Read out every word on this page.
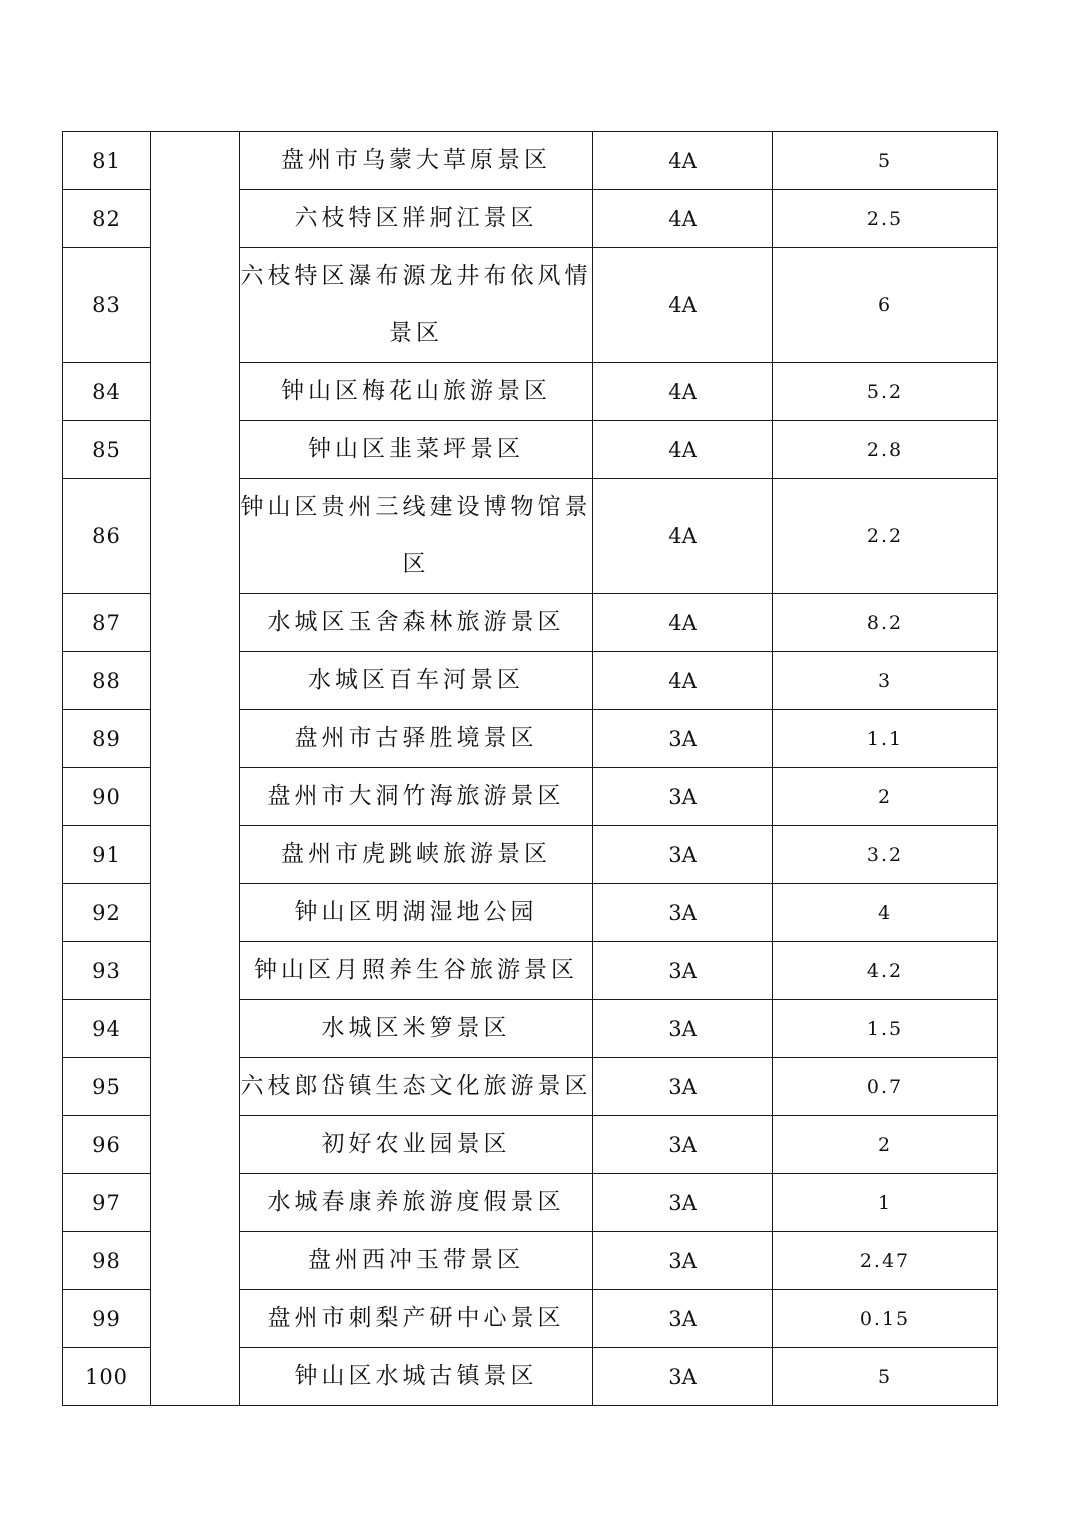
81		盘州市乌蒙大草原景区	4A	5
82		六枝特区牂牁江景区	4A	2.5
83		六枝特区瀑布源龙井布依风情景区	4A	6
84		钟山区梅花山旅游景区	4A	5.2
85		钟山区韭菜坪景区	4A	2.8
86		钟山区贵州三线建设博物馆景区	4A	2.2
87		水城区玉舍森林旅游景区	4A	8.2
88		水城区百车河景区	4A	3
89		盘州市古驿胜境景区	3A	1.1
90		盘州市大洞竹海旅游景区	3A	2
91		盘州市虎跳峡旅游景区	3A	3.2
92		钟山区明湖湿地公园	3A	4
93		钟山区月照养生谷旅游景区	3A	4.2
94		水城区米箩景区	3A	1.5
95		六枝郎岱镇生态文化旅游景区	3A	0.7
96		初好农业园景区	3A	2
97		水城春康养旅游度假景区	3A	1
98		盘州西冲玉带景区	3A	2.47
99		盘州市刺梨产研中心景区	3A	0.15
100		钟山区水城古镇景区	3A	5
